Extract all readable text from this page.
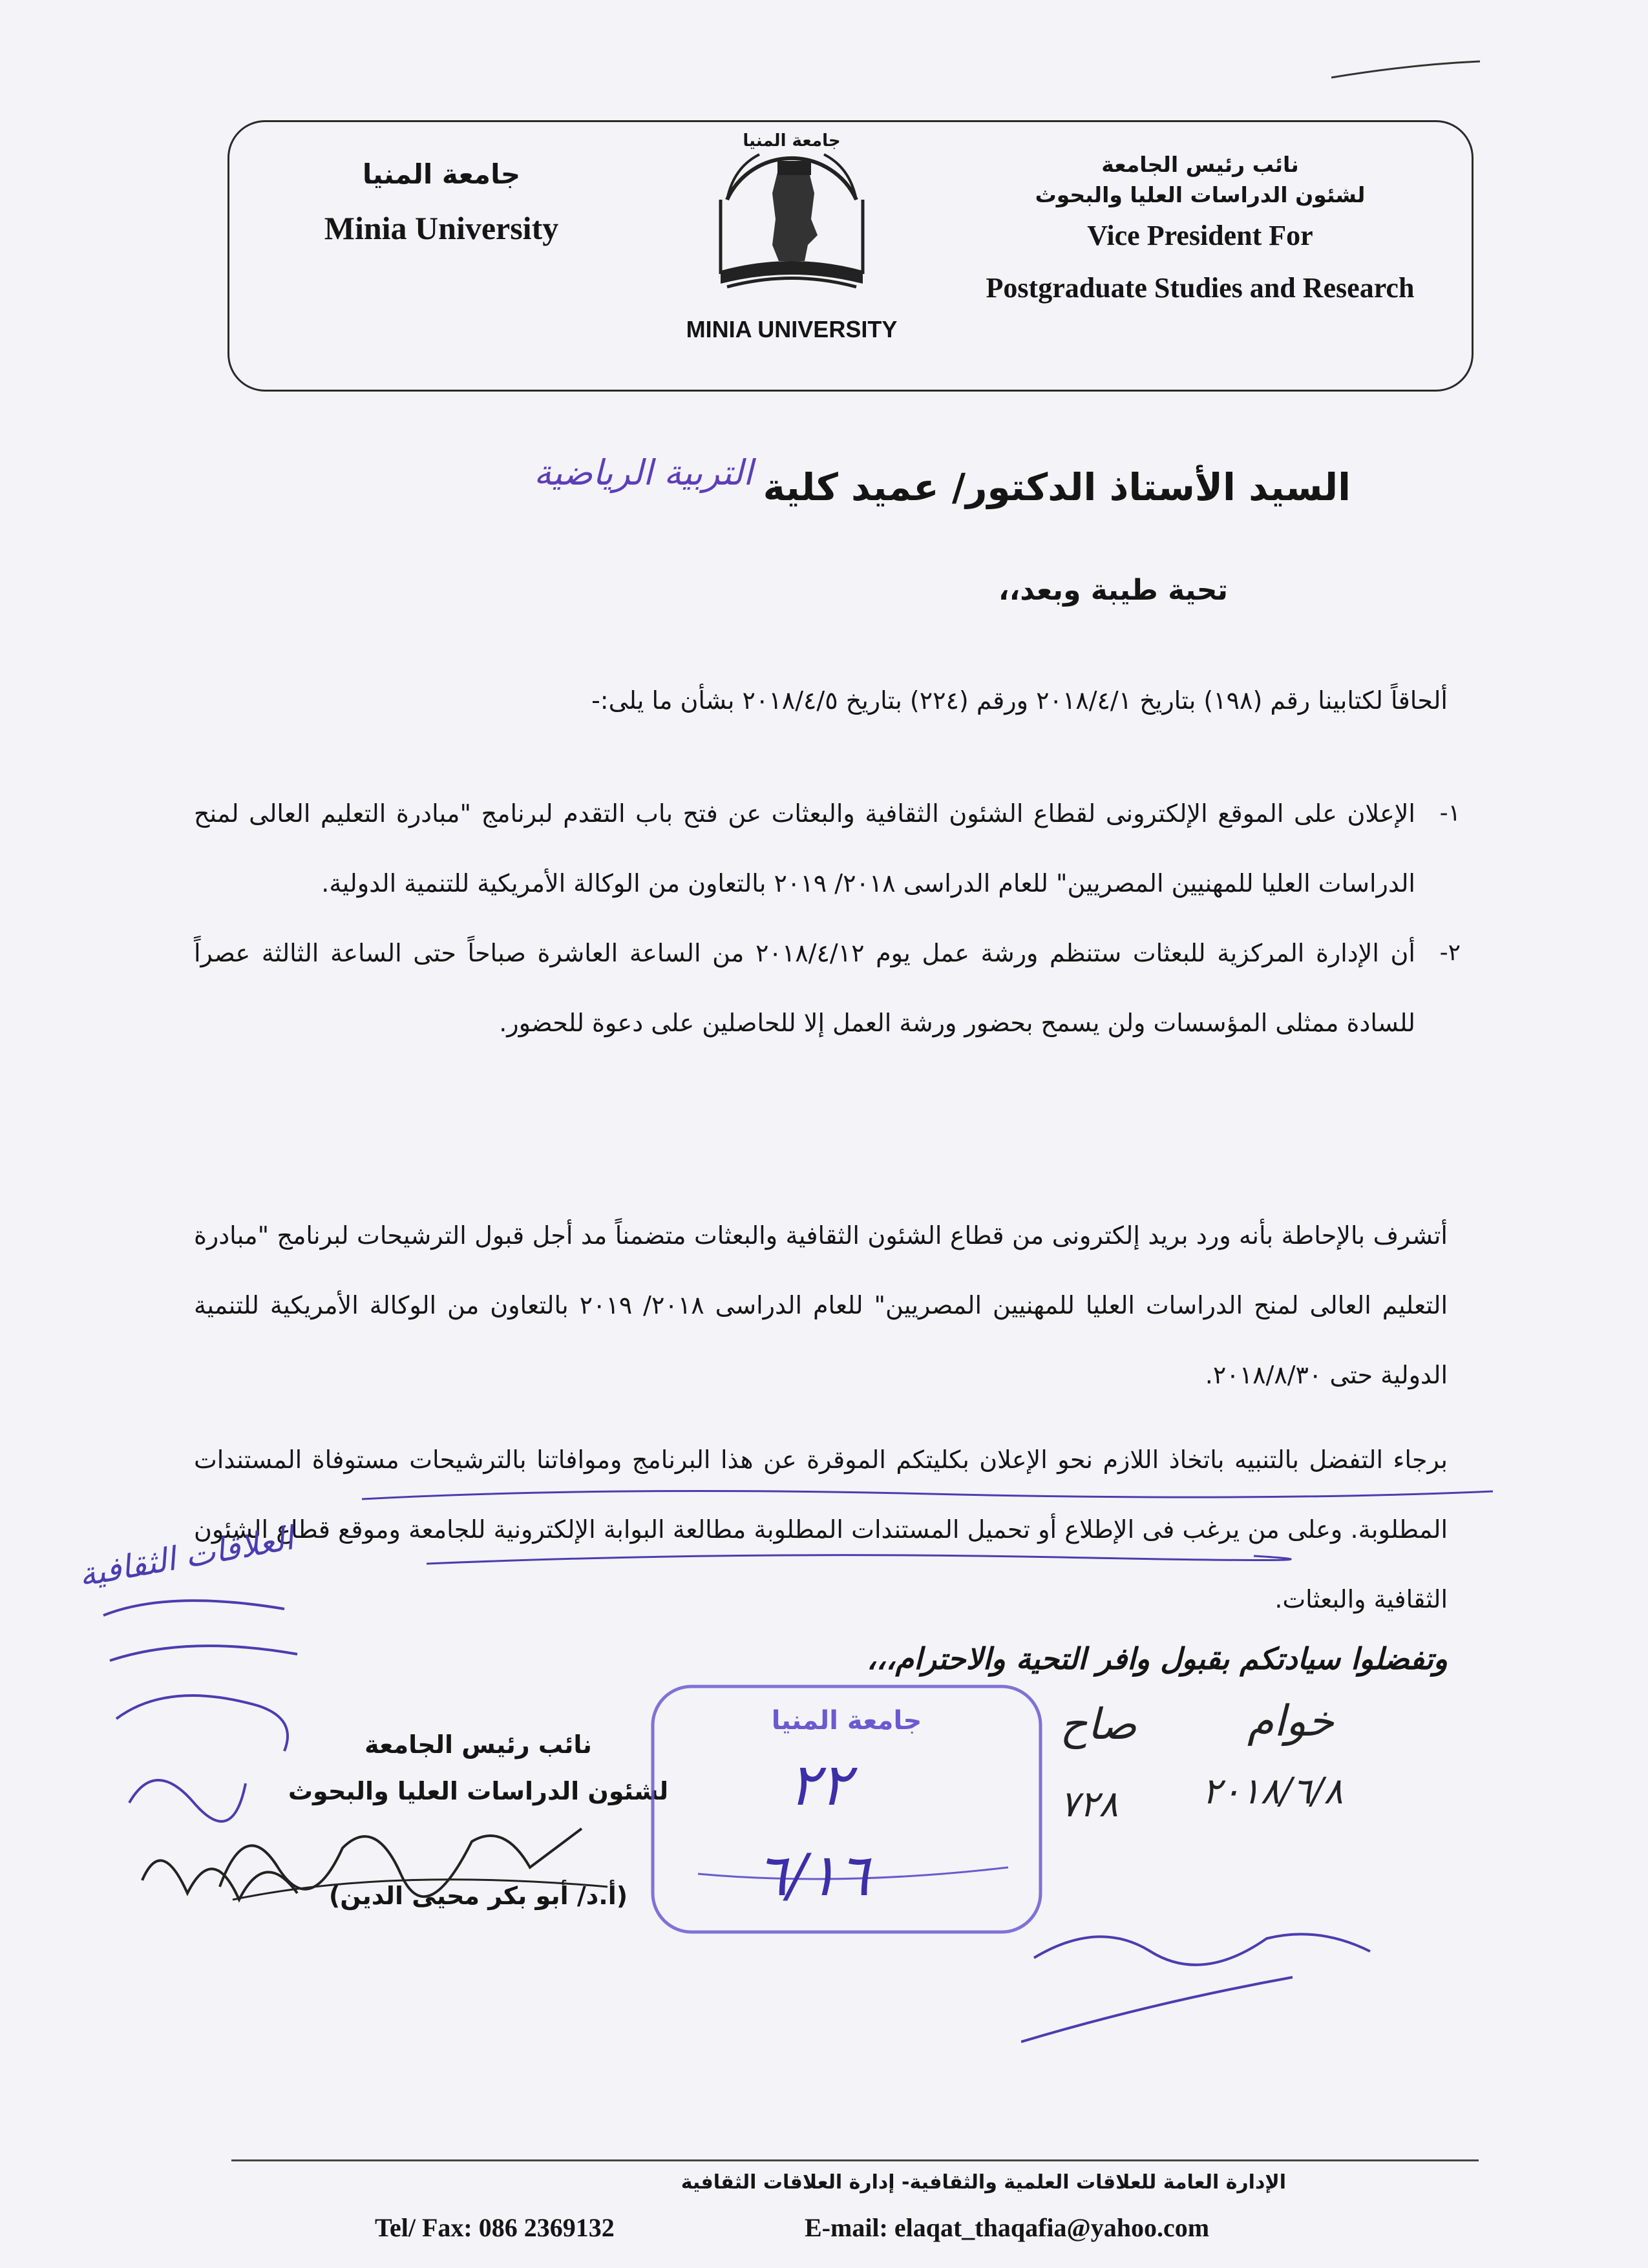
نائب رئيس الجامعة
لشئون الدراسات العليا والبحوث
Vice President For
Postgraduate Studies and Research
جامعة المنيا
MINIA UNIVERSITY
جامعة المنيا
Minia University
السيد الأستاذ الدكتور/ عميد كلية
التربية الرياضية
تحية طيبة وبعد،،

ألحاقاً لكتابينا رقم (١٩٨) بتاريخ ٢٠١٨/٤/١ ورقم (٢٢٤) بتاريخ ٢٠١٨/٤/٥ بشأن ما يلى:-

١-
الإعلان على الموقع الإلكترونى لقطاع الشئون الثقافية والبعثات عن فتح باب التقدم لبرنامج "مبادرة التعليم العالى لمنح الدراسات العليا للمهنيين المصريين" للعام الدراسى ٢٠١٨/ ٢٠١٩ بالتعاون من الوكالة الأمريكية للتنمية الدولية.
٢-
أن الإدارة المركزية للبعثات ستنظم ورشة عمل يوم ٢٠١٨/٤/١٢ من الساعة العاشرة صباحاً حتى الساعة الثالثة عصراً للسادة ممثلى المؤسسات ولن يسمح بحضور ورشة العمل إلا للحاصلين على دعوة للحضور.

أتشرف بالإحاطة بأنه ورد بريد إلكترونى من قطاع الشئون الثقافية والبعثات متضمناً مد أجل قبول الترشيحات لبرنامج "مبادرة التعليم العالى لمنح الدراسات العليا للمهنيين المصريين" للعام الدراسى ٢٠١٨/ ٢٠١٩ بالتعاون من الوكالة الأمريكية للتنمية الدولية حتى ٢٠١٨/٨/٣٠.

برجاء التفضل بالتنبيه باتخاذ اللازم نحو الإعلان بكليتكم الموقرة عن هذا البرنامج وموافاتنا بالترشيحات مستوفاة المستندات المطلوبة. وعلى من يرغب فى الإطلاع أو تحميل المستندات المطلوبة مطالعة البوابة الإلكترونية للجامعة وموقع قطاع الشئون الثقافية والبعثات.

وتفضلوا سيادتكم بقبول وافر التحية والاحترام،،،
نائب رئيس الجامعة
لشئون الدراسات العليا والبحوث
(أ.د/ أبو بكر محيى الدين)
جامعة المنيا
٢٢
٦/١٦
خوام
صاح
٧٢٨ ٢٠١٨/٦/٨
العلاقات الثقافية
الإدارة العامة للعلاقات العلمية والثقافية- إدارة العلاقات الثقافية
Tel/ Fax: 086 2369132	E-mail: elaqat_thaqafia@yahoo.com
